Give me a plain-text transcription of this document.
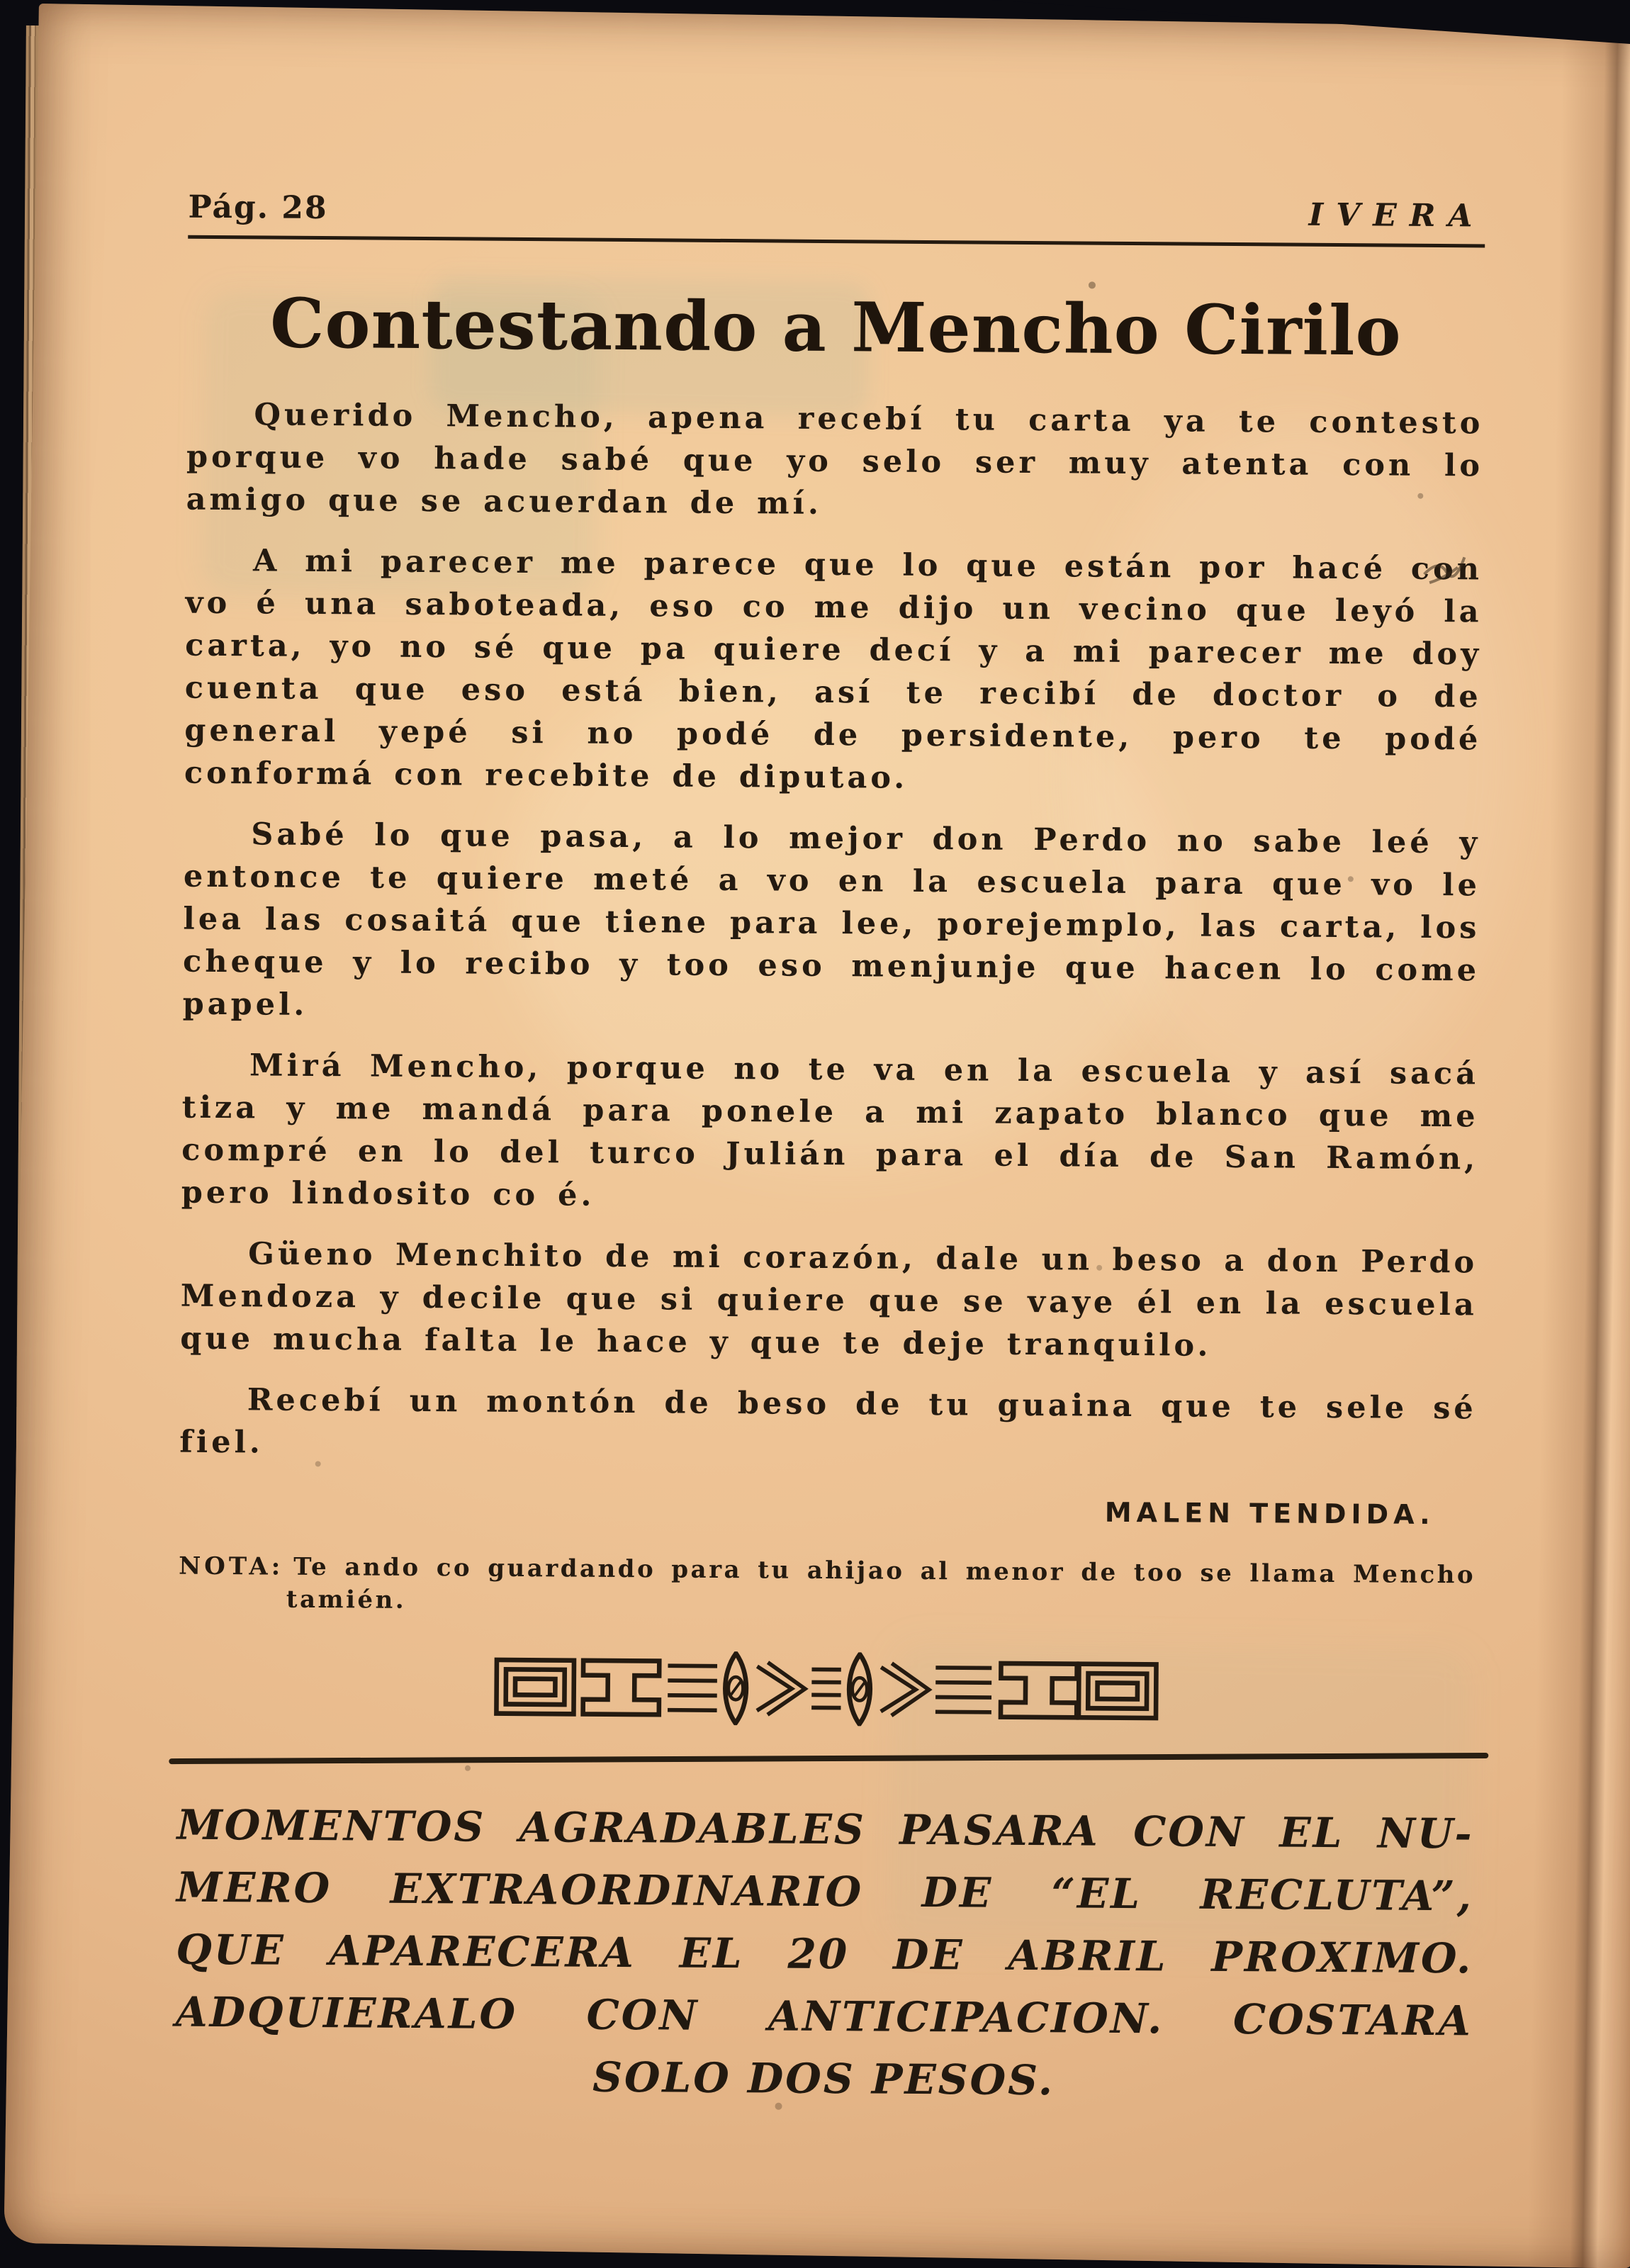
Pág. 28	IVERA
Contestando a Mencho Cirilo

Querido Mencho, apena recebí tu carta ya te contesto porque vo hade sabé que yo selo ser muy atenta con lo amigo que se acuerdan de mí.

A mi parecer me parece que lo que están por hacé con vo é una saboteada, eso co me dijo un vecino que leyó la carta, yo no sé que pa quiere decí y a mi parecer me doy cuenta que eso está bien, así te recibí de doctor o de general yepé si no podé de persidente, pero te podé conformá con recebite de diputao.

Sabé lo que pasa, a lo mejor don Perdo no sabe leé y entonce te quiere meté a vo en la escuela para que vo le lea las cosaitá que tiene para lee, porejemplo, las carta, los cheque y lo recibo y too eso menjunje que hacen lo come papel.

Mirá Mencho, porque no te va en la escuela y así sacá tiza y me mandá para ponele a mi zapato blanco que me compré en lo del turco Julián para el día de San Ramón, pero lindosito co é.

Güeno Menchito de mi corazón, dale un beso a don Perdo Mendoza y decile que si quiere que se vaye él en la escuela que mucha falta le hace y que te deje tranquilo.

Recebí un montón de beso de tu guaina que te sele sé fiel.

MALEN TENDIDA.

NOTA: Te ando co guardando para tu ahijao al menor de too se llama Mencho tamién.

MOMENTOS AGRADABLES PASARA CON EL NU-
MERO EXTRAORDINARIO DE “EL RECLUTA”,
QUE APARECERA EL 20 DE ABRIL PROXIMO.
ADQUIERALO CON ANTICIPACION. COSTARA
SOLO DOS PESOS.
